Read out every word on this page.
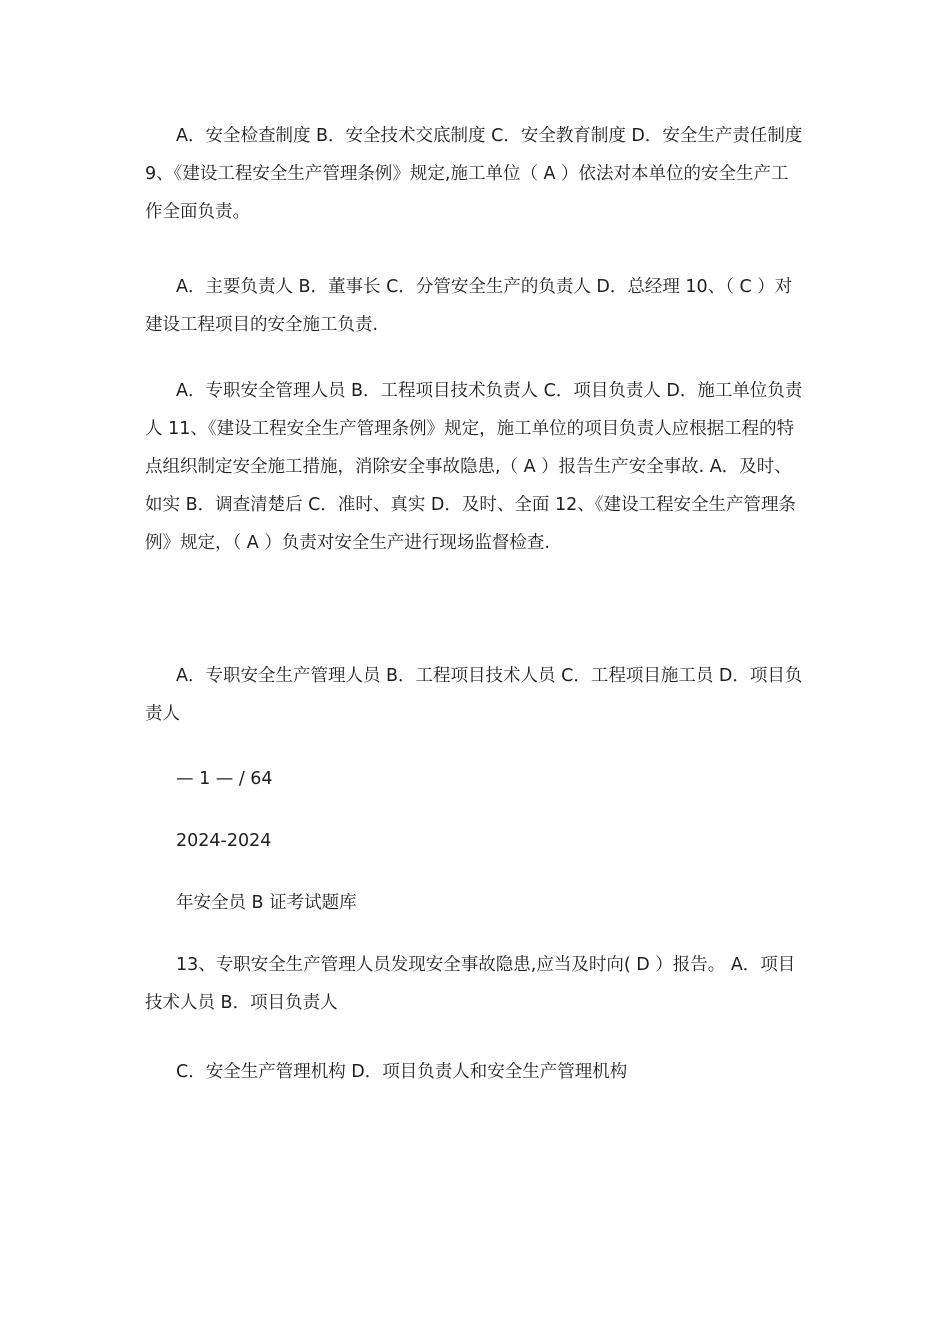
A．安全检查制度 B．安全技术交底制度 C．安全教育制度 D．安全生产责任制度 9、《建设工程安全生产管理条例》规定,施工单位（ A ）依法对本单位的安全生产工作全面负责。

A．主要负责人 B．董事长 C．分管安全生产的负责人 D．总经理 10、（ C ）对建设工程项目的安全施工负责.

A．专职安全管理人员 B．工程项目技术负责人 C．项目负责人 D．施工单位负责人 11、《建设工程安全生产管理条例》规定，施工单位的项目负责人应根据工程的特点组织制定安全施工措施，消除安全事故隐患,（ A ）报告生产安全事故. A．及时、如实 B．调查清楚后 C．准时、真实 D．及时、全面 12、《建设工程安全生产管理条例》规定，（ A ）负责对安全生产进行现场监督检查.

A．专职安全生产管理人员 B．工程项目技术人员 C．工程项目施工员 D．项目负责人

— 1 — / 64

2024-2024

年安全员 B 证考试题库

13、专职安全生产管理人员发现安全事故隐患,应当及时向( D ）报告。 A．项目技术人员 B．项目负责人

C．安全生产管理机构 D．项目负责人和安全生产管理机构
